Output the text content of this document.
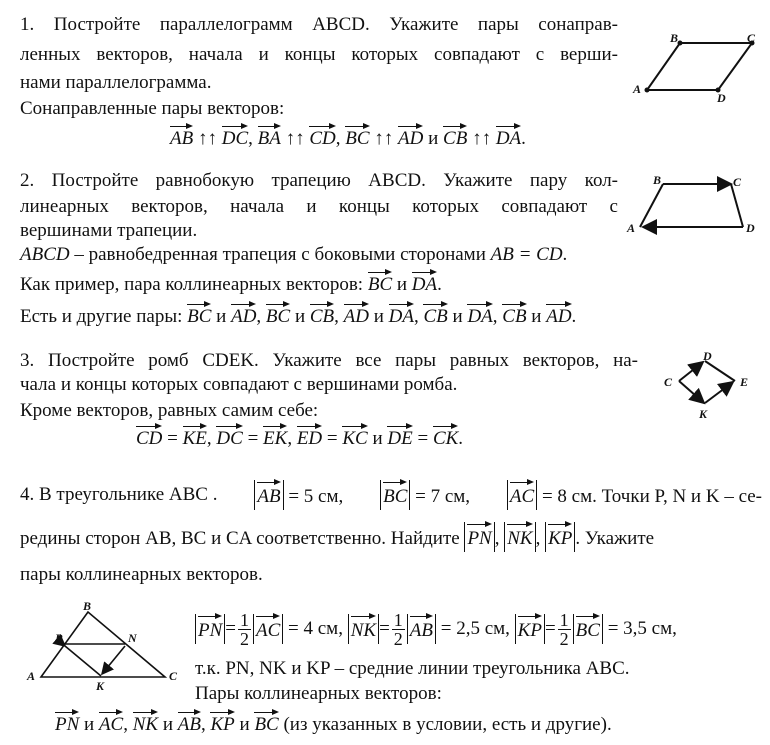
1. Постройте параллелограмм ABCD. Укажите пары сонаправ-
ленных векторов, начала и концы которых совпадают с верши-
нами параллелограмма.
Сонаправленные пары векторов:
AB ↑↑ DC, BA ↑↑ CD, BC ↑↑ AD и CB ↑↑ DA.
B	C
A
D
2. Постройте равнобокую трапецию ABCD. Укажите пару кол-
линеарных векторов, начала и концы которых совпадают с
вершинами трапеции.
ABCD – равнобедренная трапеция с боковыми сторонами AB = CD.
Как пример, пара коллинеарных векторов: BC и DA.
Есть и другие пары: BC и AD, BC и CB, AD и DA, CB и DA, CB и AD.
B	C
A	D
3. Постройте ромб CDEK. Укажите все пары равных векторов, на-
чала и концы которых совпадают с вершинами ромба.
Кроме векторов, равных самим себе:
CD = KE, DC = EK, ED = KC и DE = CK.
D
C	E
K
4. В треугольнике ABC . AB = 5 см, BC = 7 см, AC = 8 см. Точки P, N и K – се-
редины сторон AB, BC и CA соответственно. Найдите PN , NK , KP . Укажите
пары коллинеарных векторов.
B
P	N
A
K
C
PN = $\frac{1}{2}$ AC
= 4 см,
NK = $\frac{1}{2}$ AB
= 2,5 см,
KP = $\frac{1}{2}$ BC
= 3,5 см,
т.к. PN, NK и KP – средние линии треугольника ABC.
Пары коллинеарных векторов:
PN и AC, NK и AB, KP и BC (из указанных в условии, есть и другие).
